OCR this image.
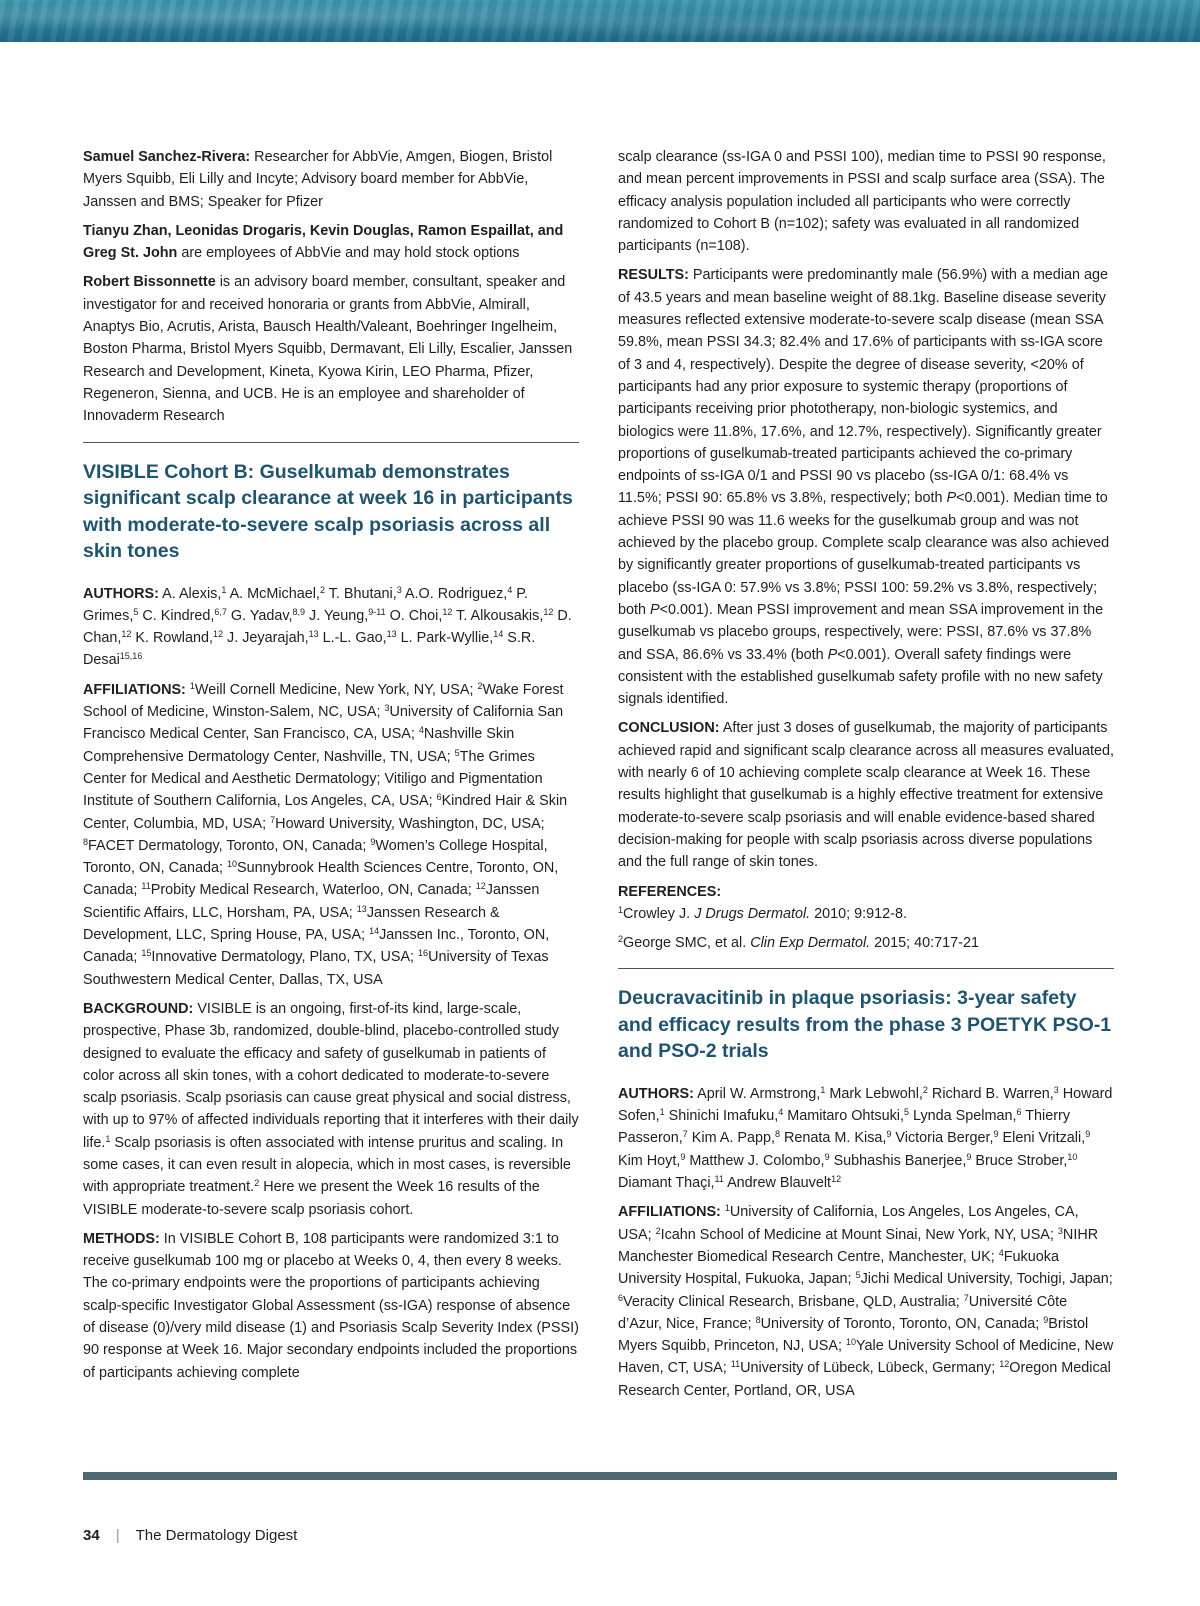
Samuel Sanchez-Rivera: Researcher for AbbVie, Amgen, Biogen, Bristol Myers Squibb, Eli Lilly and Incyte; Advisory board member for AbbVie, Janssen and BMS; Speaker for Pfizer

Tianyu Zhan, Leonidas Drogaris, Kevin Douglas, Ramon Espaillat, and Greg St. John are employees of AbbVie and may hold stock options

Robert Bissonnette is an advisory board member, consultant, speaker and investigator for and received honoraria or grants from AbbVie, Almirall, Anaptys Bio, Acrutis, Arista, Bausch Health/Valeant, Boehringer Ingelheim, Boston Pharma, Bristol Myers Squibb, Dermavant, Eli Lilly, Escalier, Janssen Research and Development, Kineta, Kyowa Kirin, LEO Pharma, Pfizer, Regeneron, Sienna, and UCB. He is an employee and shareholder of Innovaderm Research

VISIBLE Cohort B: Guselkumab demonstrates significant scalp clearance at week 16 in participants with moderate-to-severe scalp psoriasis across all skin tones

AUTHORS: A. Alexis,$^1$ A. McMichael,$^2$ T. Bhutani,$^3$ A.O. Rodriguez,$^4$ P. Grimes,$^5$ C. Kindred,$^{6,7}$ G. Yadav,$^{8,9}$ J. Yeung,$^{9-11}$ O. Choi,$^{12}$ T. Alkousakis,$^{12}$ D. Chan,$^{12}$ K. Rowland,$^{12}$ J. Jeyarajah,$^{13}$ L.-L. Gao,$^{13}$ L. Park-Wyllie,$^{14}$ S.R. Desai$^{15,16}$

AFFILIATIONS: $^1$Weill Cornell Medicine, New York, NY, USA; $^2$Wake Forest School of Medicine, Winston-Salem, NC, USA; $^3$University of California San Francisco Medical Center, San Francisco, CA, USA; $^4$Nashville Skin Comprehensive Dermatology Center, Nashville, TN, USA; $^5$The Grimes Center for Medical and Aesthetic Dermatology; Vitiligo and Pigmentation Institute of Southern California, Los Angeles, CA, USA; $^6$Kindred Hair & Skin Center, Columbia, MD, USA; $^7$Howard University, Washington, DC, USA; $^8$FACET Dermatology, Toronto, ON, Canada; $^9$Women’s College Hospital, Toronto, ON, Canada; $^{10}$Sunnybrook Health Sciences Centre, Toronto, ON, Canada; $^{11}$Probity Medical Research, Waterloo, ON, Canada; $^{12}$Janssen Scientific Affairs, LLC, Horsham, PA, USA; $^{13}$Janssen Research & Development, LLC, Spring House, PA, USA; $^{14}$Janssen Inc., Toronto, ON, Canada; $^{15}$Innovative Dermatology, Plano, TX, USA; $^{16}$University of Texas Southwestern Medical Center, Dallas, TX, USA

BACKGROUND: VISIBLE is an ongoing, first-of-its kind, large-scale, prospective, Phase 3b, randomized, double-blind, placebo-controlled study designed to evaluate the efficacy and safety of guselkumab in patients of color across all skin tones, with a cohort dedicated to moderate-to-severe scalp psoriasis. Scalp psoriasis can cause great physical and social distress, with up to 97% of affected individuals reporting that it interferes with their daily life.$^1$ Scalp psoriasis is often associated with intense pruritus and scaling. In some cases, it can even result in alopecia, which in most cases, is reversible with appropriate treatment.$^2$ Here we present the Week 16 results of the VISIBLE moderate-to-severe scalp psoriasis cohort.

METHODS: In VISIBLE Cohort B, 108 participants were randomized 3:1 to receive guselkumab 100 mg or placebo at Weeks 0, 4, then every 8 weeks. The co-primary endpoints were the proportions of participants achieving scalp-specific Investigator Global Assessment (ss-IGA) response of absence of disease (0)/very mild disease (1) and Psoriasis Scalp Severity Index (PSSI) 90 response at Week 16. Major secondary endpoints included the proportions of participants achieving complete

scalp clearance (ss-IGA 0 and PSSI 100), median time to PSSI 90 response, and mean percent improvements in PSSI and scalp surface area (SSA). The efficacy analysis population included all participants who were correctly randomized to Cohort B (n=102); safety was evaluated in all randomized participants (n=108).

RESULTS: Participants were predominantly male (56.9%) with a median age of 43.5 years and mean baseline weight of 88.1kg. Baseline disease severity measures reflected extensive moderate-to-severe scalp disease (mean SSA 59.8%, mean PSSI 34.3; 82.4% and 17.6% of participants with ss-IGA score of 3 and 4, respectively). Despite the degree of disease severity, <20% of participants had any prior exposure to systemic therapy (proportions of participants receiving prior phototherapy, non-biologic systemics, and biologics were 11.8%, 17.6%, and 12.7%, respectively). Significantly greater proportions of guselkumab-treated participants achieved the co-primary endpoints of ss-IGA 0/1 and PSSI 90 vs placebo (ss-IGA 0/1: 68.4% vs 11.5%; PSSI 90: 65.8% vs 3.8%, respectively; both P<0.001). Median time to achieve PSSI 90 was 11.6 weeks for the guselkumab group and was not achieved by the placebo group. Complete scalp clearance was also achieved by significantly greater proportions of guselkumab-treated participants vs placebo (ss-IGA 0: 57.9% vs 3.8%; PSSI 100: 59.2% vs 3.8%, respectively; both P<0.001). Mean PSSI improvement and mean SSA improvement in the guselkumab vs placebo groups, respectively, were: PSSI, 87.6% vs 37.8% and SSA, 86.6% vs 33.4% (both P<0.001). Overall safety findings were consistent with the established guselkumab safety profile with no new safety signals identified.

CONCLUSION: After just 3 doses of guselkumab, the majority of participants achieved rapid and significant scalp clearance across all measures evaluated, with nearly 6 of 10 achieving complete scalp clearance at Week 16. These results highlight that guselkumab is a highly effective treatment for extensive moderate-to-severe scalp psoriasis and will enable evidence-based shared decision-making for people with scalp psoriasis across diverse populations and the full range of skin tones.

REFERENCES:

$^1$Crowley J. J Drugs Dermatol. 2010; 9:912-8.

$^2$George SMC, et al. Clin Exp Dermatol. 2015; 40:717-21

Deucravacitinib in plaque psoriasis: 3-year safety and efficacy results from the phase 3 POETYK PSO-1 and PSO-2 trials

AUTHORS: April W. Armstrong,$^1$ Mark Lebwohl,$^2$ Richard B. Warren,$^3$ Howard Sofen,$^1$ Shinichi Imafuku,$^4$ Mamitaro Ohtsuki,$^5$ Lynda Spelman,$^6$ Thierry Passeron,$^7$ Kim A. Papp,$^8$ Renata M. Kisa,$^9$ Victoria Berger,$^9$ Eleni Vritzali,$^9$ Kim Hoyt,$^9$ Matthew J. Colombo,$^9$ Subhashis Banerjee,$^9$ Bruce Strober,$^{10}$ Diamant Thaçi,$^{11}$ Andrew Blauvelt$^{12}$

AFFILIATIONS: $^1$University of California, Los Angeles, Los Angeles, CA, USA; $^2$Icahn School of Medicine at Mount Sinai, New York, NY, USA; $^3$NIHR Manchester Biomedical Research Centre, Manchester, UK; $^4$Fukuoka University Hospital, Fukuoka, Japan; $^5$Jichi Medical University, Tochigi, Japan; $^6$Veracity Clinical Research, Brisbane, QLD, Australia; $^7$Université Côte d’Azur, Nice, France; $^8$University of Toronto, Toronto, ON, Canada; $^9$Bristol Myers Squibb, Princeton, NJ, USA; $^{10}$Yale University School of Medicine, New Haven, CT, USA; $^{11}$University of Lübeck, Lübeck, Germany; $^{12}$Oregon Medical Research Center, Portland, OR, USA

34 | The Dermatology Digest
